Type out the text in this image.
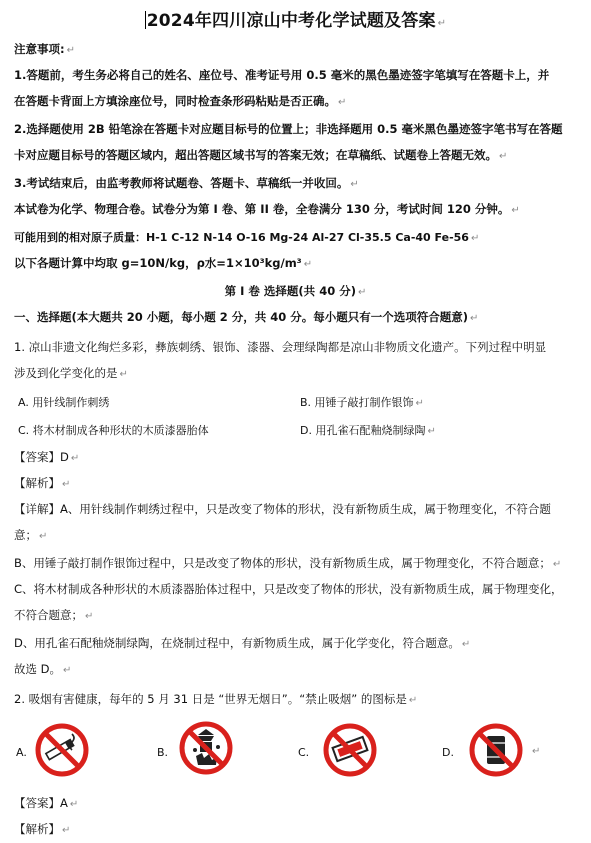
2024年四川凉山中考化学试题及答案 ↵
注意事项: ↵
1.答题前，考生务必将自己的姓名、座位号、准考证号用 0.5 毫米的黑色墨迹签字笔填写在答题卡上，并
在答题卡背面上方填涂座位号，同时检查条形码粘贴是否正确。 ↵
2.选择题使用 2B 铅笔涂在答题卡对应题目标号的位置上；非选择题用 0.5 毫米黑色墨迹签字笔书写在答题
卡对应题目标号的答题区域内，超出答题区域书写的答案无效；在草稿纸、试题卷上答题无效。 ↵
3.考试结束后，由监考教师将试题卷、答题卡、草稿纸一并收回。 ↵
本试卷为化学、物理合卷。试卷分为第 I 卷、第 II 卷，全卷满分 130 分，考试时间 120 分钟。 ↵
可能用到的相对原子质量：H-1 C-12 N-14 O-16 Mg-24 Al-27 Cl-35.5 Ca-40 Fe-56 ↵
以下各题计算中均取 g=10N/kg，ρ水=1×10³kg/m³ ↵
第 I 卷 选择题(共 40 分) ↵
一、选择题(本大题共 20 小题，每小题 2 分，共 40 分。每小题只有一个选项符合题意) ↵
1. 凉山非遗文化绚烂多彩，彝族刺绣、银饰、漆器、会理绿陶都是凉山非物质文化遗产。下列过程中明显
涉及到化学变化的是 ↵
A. 用针线制作刺绣	B. 用锤子敲打制作银饰 ↵
C. 将木材制成各种形状的木质漆器胎体	D. 用孔雀石配釉烧制绿陶 ↵
【答案】D ↵
【解析】 ↵
【详解】A、用针线制作刺绣过程中，只是改变了物体的形状，没有新物质生成，属于物理变化，不符合题
意； ↵
B、用锤子敲打制作银饰过程中，只是改变了物体的形状，没有新物质生成，属于物理变化，不符合题意； ↵
C、将木材制成各种形状的木质漆器胎体过程中，只是改变了物体的形状，没有新物质生成，属于物理变化，
不符合题意； ↵
D、用孔雀石配釉烧制绿陶，在烧制过程中，有新物质生成，属于化学变化，符合题意。 ↵
故选 D。 ↵
2. 吸烟有害健康，每年的 5 月 31 日是 “世界无烟日”。“禁止吸烟” 的图标是 ↵
A.	B.	C.	D.	↵
【答案】A ↵
【解析】 ↵
